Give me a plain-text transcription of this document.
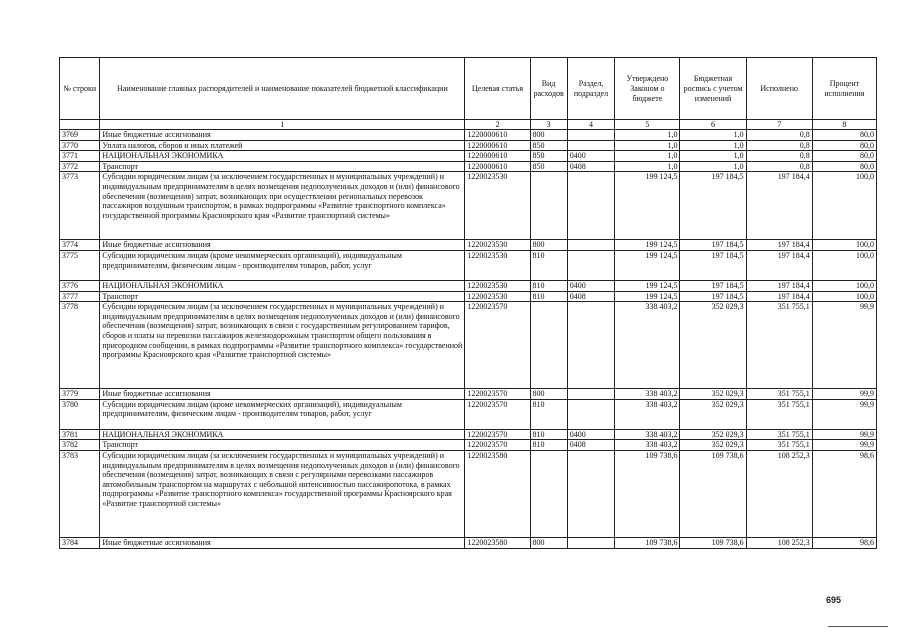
№ строки	Наименование главных распорядителей и наименование показателей бюджетной классификации	Целевая статья	Вид расходов	Раздел, подраздел	Утверждено Законом о бюджете	Бюджетная роспись с учетом изменений	Исполнено	Процент исполнения
	1	2	3	4	5	6	7	8
3769	Иные бюджетные ассигнования	1220000610	800		1,0	1,0	0,8	80,0
3770	Уплата налогов, сборов и иных платежей	1220000610	850		1,0	1,0	0,8	80,0
3771	НАЦИОНАЛЬНАЯ ЭКОНОМИКА	1220000610	850	0400	1,0	1,0	0,8	80,0
3772	Транспорт	1220000610	850	0408	1,0	1,0	0,8	80,0
3773	Субсидии юридическим лицам (за исключением государственных и муниципальных учреждений) и индивидуальным предпринимателям в целях возмещения недополученных доходов и (или) финансового обеспечения (возмещения) затрат, возникающих при осуществлении региональных перевозок пассажиров воздушным транспортом, в рамках подпрограммы «Развитие транспортного комплекса» государственной программы Красноярского края «Развитие транспортной системы»	1220023530			199 124,5	197 184,5	197 184,4	100,0
3774	Иные бюджетные ассигнования	1220023530	800		199 124,5	197 184,5	197 184,4	100,0
3775	Субсидии юридическим лицам (кроме некоммерческих организаций), индивидуальным предпринимателям, физическим лицам - производителям товаров, работ, услуг	1220023530	810		199 124,5	197 184,5	197 184,4	100,0
3776	НАЦИОНАЛЬНАЯ ЭКОНОМИКА	1220023530	810	0400	199 124,5	197 184,5	197 184,4	100,0
3777	Транспорт	1220023530	810	0408	199 124,5	197 184,5	197 184,4	100,0
3778	Субсидии юридическим лицам (за исключением государственных и муниципальных учреждений) и индивидуальным предпринимателям в целях возмещения недополученных доходов и (или) финансового обеспечения (возмещения) затрат, возникающих в связи с государственным регулированием тарифов, сборов и платы на перевозки пассажиров железнодорожным транспортом общего пользования в пригородном сообщении, в рамках подпрограммы «Развитие транспортного комплекса» государственной программы Красноярского края «Развитие транспортной системы»	1220023570			338 403,2	352 029,3	351 755,1	99,9
3779	Иные бюджетные ассигнования	1220023570	800		338 403,2	352 029,3	351 755,1	99,9
3780	Субсидии юридическим лицам (кроме некоммерческих организаций), индивидуальным предпринимателям, физическим лицам - производителям товаров, работ, услуг	1220023570	810		338 403,2	352 029,3	351 755,1	99,9
3781	НАЦИОНАЛЬНАЯ ЭКОНОМИКА	1220023570	810	0400	338 403,2	352 029,3	351 755,1	99,9
3782	Транспорт	1220023570	810	0408	338 403,2	352 029,3	351 755,1	99,9
3783	Субсидии юридическим лицам (за исключением государственных и муниципальных учреждений) и индивидуальным предпринимателям в целях возмещения недополученных доходов и (или) финансового обеспечения (возмещения) затрат, возникающих в связи с регулярными перевозками пассажиров автомобильным транспортом на маршрутах с небольшой интенсивностью пассажиропотока, в рамках подпрограммы «Развитие транспортного комплекса» государственной программы Красноярского края «Развитие транспортной системы»	1220023580			109 738,6	109 738,6	108 252,3	98,6
3784	Иные бюджетные ассигнования	1220023580	800		109 738,6	109 738,6	108 252,3	98,6
695
